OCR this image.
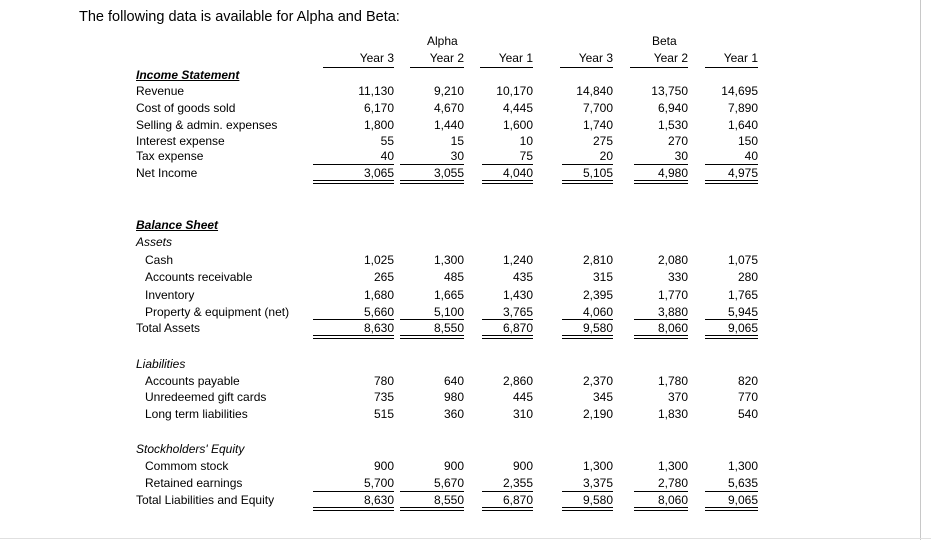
The following data is available for Alpha and Beta:
Alpha	Beta
Year 3	Year 2	Year 1	Year 3	Year 2	Year 1
Income Statement
Revenue	11,130	9,210	10,170	14,840	13,750	14,695
Cost of goods sold	6,170	4,670	4,445	7,700	6,940	7,890
Selling & admin. expenses	1,800	1,440	1,600	1,740	1,530	1,640
Interest expense	55	15	10	275	270	150
Tax expense	40	30	75	20	30	40
Net Income	3,065	3,055	4,040	5,105	4,980	4,975
Balance Sheet
Assets
Cash	1,025	1,300	1,240	2,810	2,080	1,075
Accounts receivable	265	485	435	315	330	280
Inventory	1,680	1,665	1,430	2,395	1,770	1,765
Property & equipment (net)	5,660	5,100	3,765	4,060	3,880	5,945
Total Assets	8,630	8,550	6,870	9,580	8,060	9,065
Liabilities
Accounts payable	780	640	2,860	2,370	1,780	820
Unredeemed gift cards	735	980	445	345	370	770
Long term liabilities	515	360	310	2,190	1,830	540
Stockholders' Equity
Commom stock	900	900	900	1,300	1,300	1,300
Retained earnings	5,700	5,670	2,355	3,375	2,780	5,635
Total Liabilities and Equity	8,630	8,550	6,870	9,580	8,060	9,065
